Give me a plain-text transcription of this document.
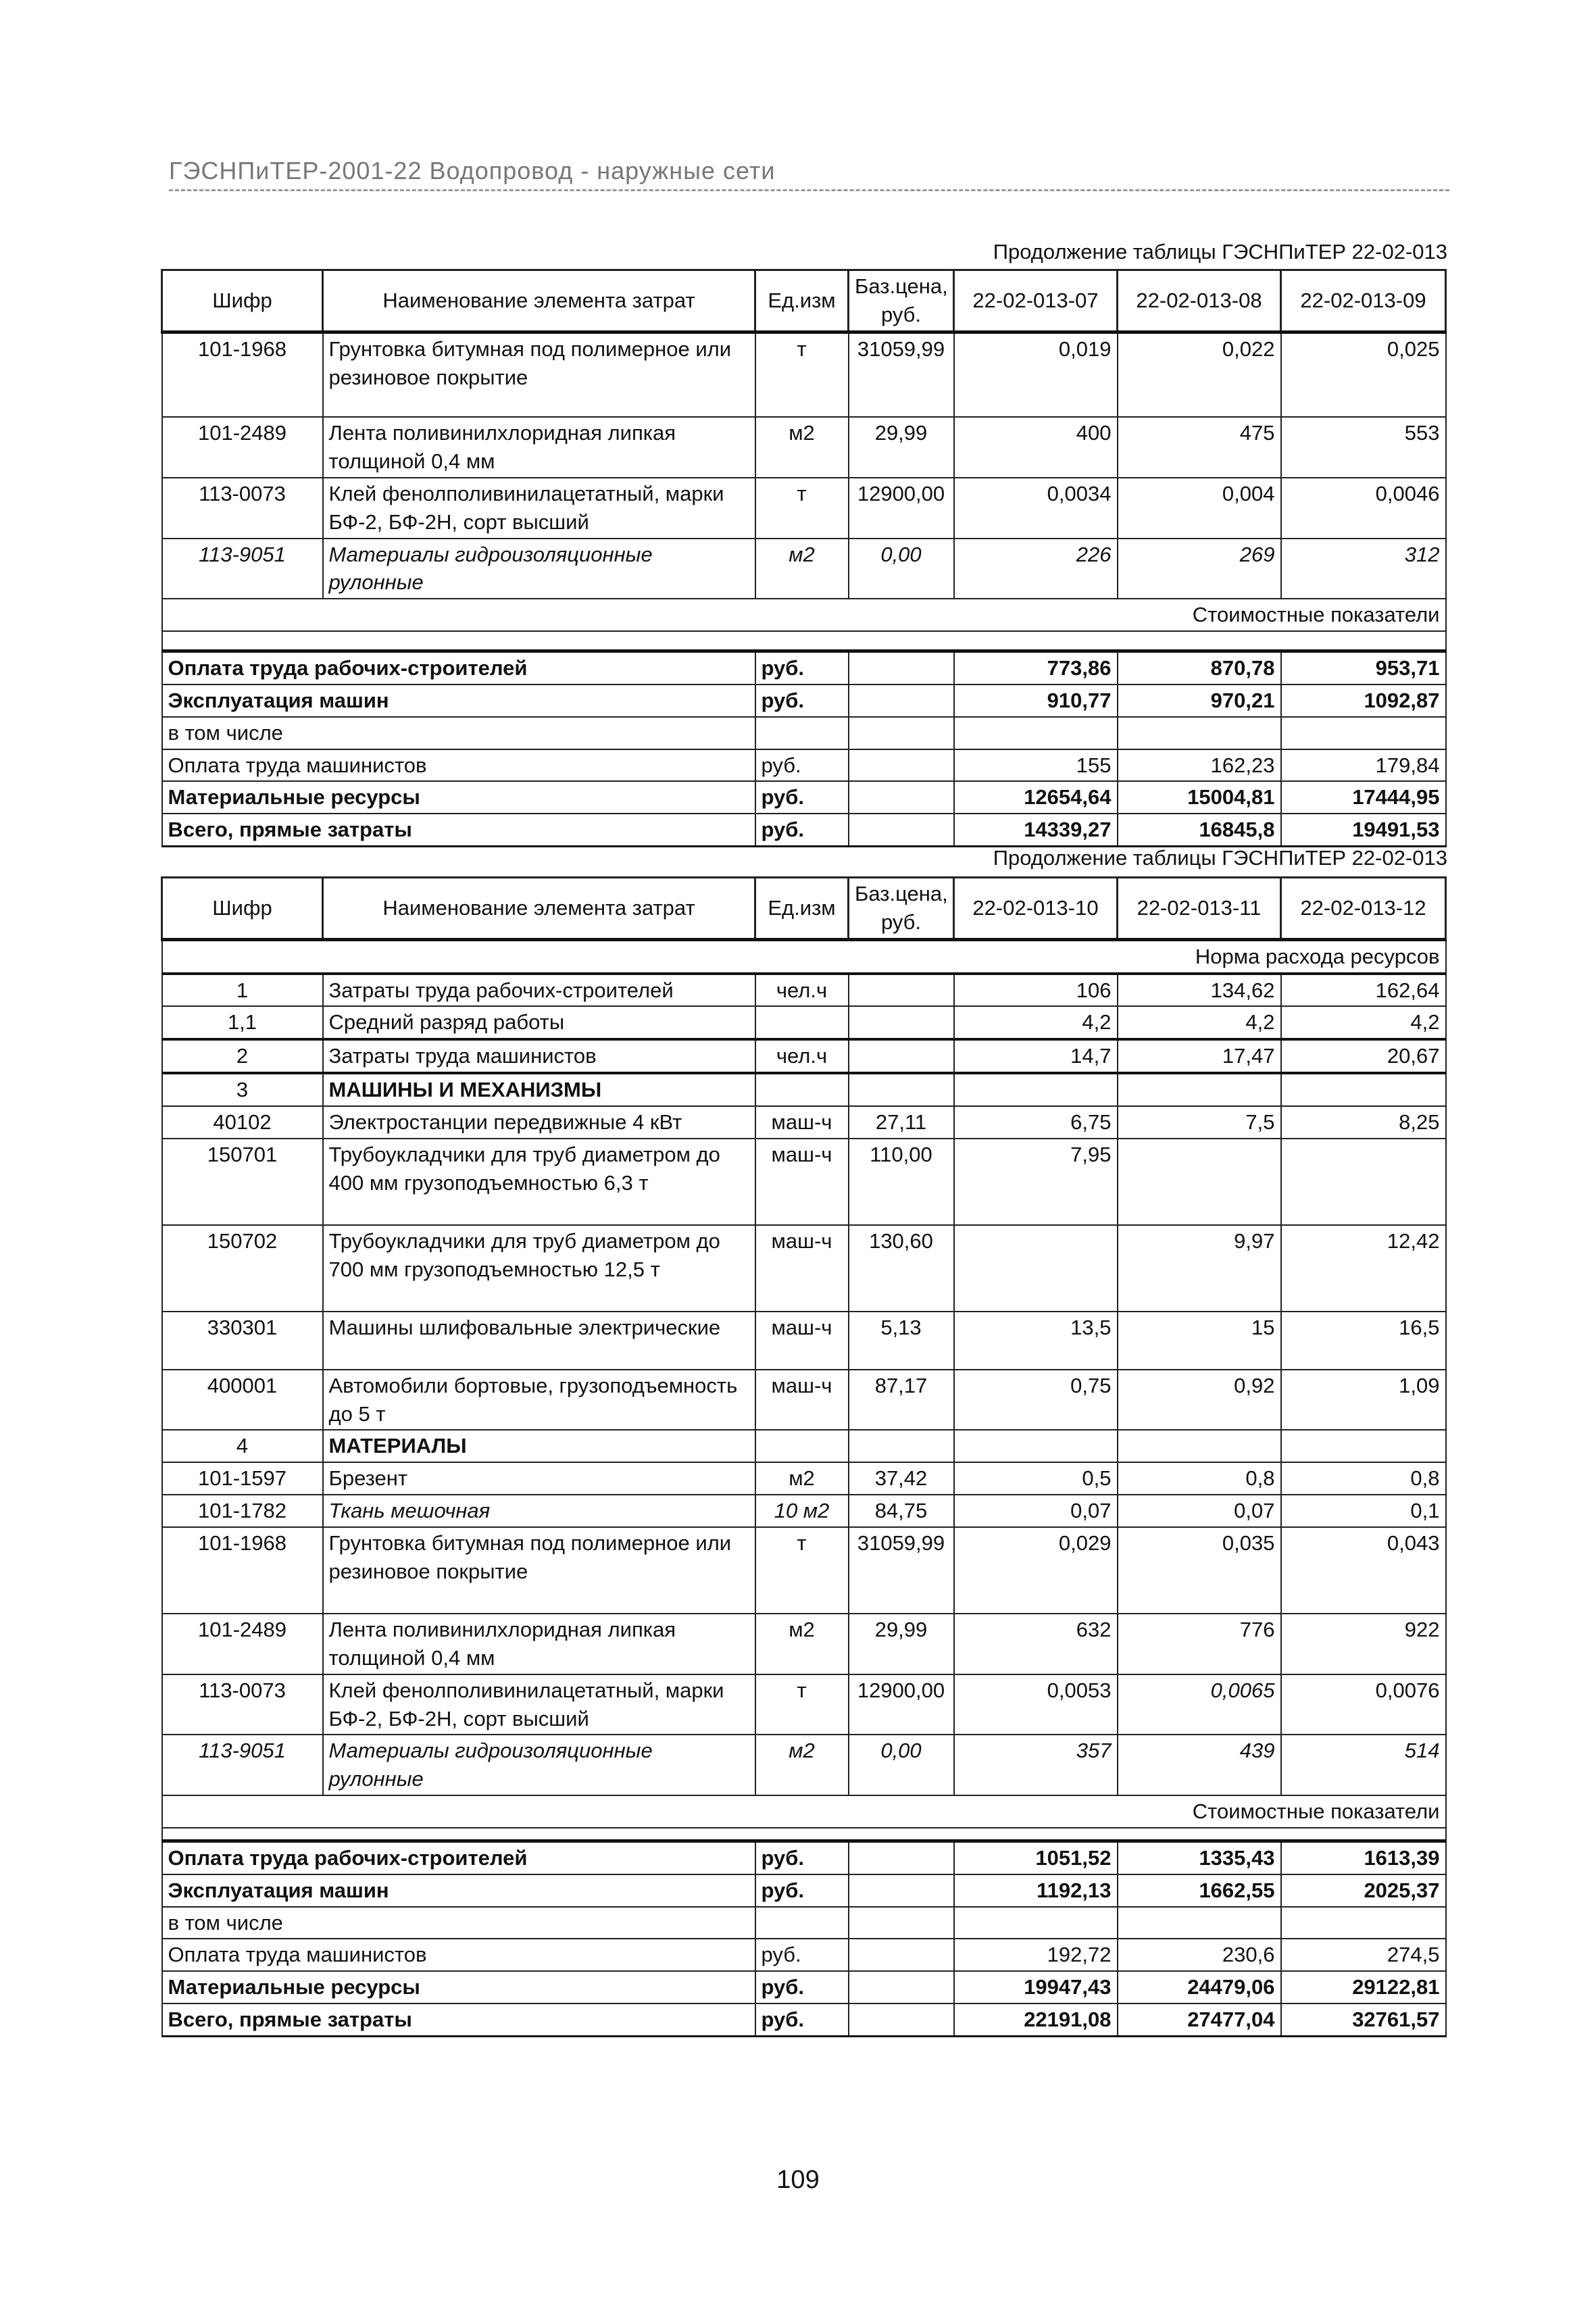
ГЭСНПиТЕР-2001-22 Водопровод - наружные сети
Продолжение таблицы ГЭСНПиТЕР 22-02-013
Шифр	Наименование элемента затрат	Ед.изм	Баз.цена, руб.	22-02-013-07	22-02-013-08	22-02-013-09
101-1968	Грунтовка битумная под полимерное или резиновое покрытие	т	31059,99	0,019	0,022	0,025
101-2489	Лента поливинилхлоридная липкая толщиной 0,4 мм	м2	29,99	400	475	553
113-0073	Клей фенолполивинилацетатный, марки БФ-2, БФ-2Н, сорт высший	т	12900,00	0,0034	0,004	0,0046
113-9051	Материалы гидроизоляционные рулонные	м2	0,00	226	269	312
Стоимостные показатели						

Оплата труда рабочих-строителей		руб.		773,86	870,78	953,71
Эксплуатация машин		руб.		910,77	970,21	1092,87
в том числе						
Оплата труда машинистов		руб.		155	162,23	179,84
Материальные ресурсы		руб.		12654,64	15004,81	17444,95
Всего, прямые затраты		руб.		14339,27	16845,8	19491,53
Продолжение таблицы ГЭСНПиТЕР 22-02-013
Шифр	Наименование элемента затрат	Ед.изм	Баз.цена, руб.	22-02-013-10	22-02-013-11	22-02-013-12
Норма расхода ресурсов						
1	Затраты труда рабочих-строителей	чел.ч		106	134,62	162,64
1,1	Средний разряд работы			4,2	4,2	4,2
2	Затраты труда машинистов	чел.ч		14,7	17,47	20,67
3	МАШИНЫ И МЕХАНИЗМЫ					
40102	Электростанции передвижные 4 кВт	маш-ч	27,11	6,75	7,5	8,25
150701	Трубоукладчики для труб диаметром до 400 мм грузоподъемностью 6,3 т	маш-ч	110,00	7,95		
150702	Трубоукладчики для труб диаметром до 700 мм грузоподъемностью 12,5 т	маш-ч	130,60		9,97	12,42
330301	Машины шлифовальные электрические	маш-ч	5,13	13,5	15	16,5
400001	Автомобили бортовые, грузоподъемность до 5 т	маш-ч	87,17	0,75	0,92	1,09
4	МАТЕРИАЛЫ					
101-1597	Брезент	м2	37,42	0,5	0,8	0,8
101-1782	Ткань мешочная	10 м2	84,75	0,07	0,07	0,1
101-1968	Грунтовка битумная под полимерное или резиновое покрытие	т	31059,99	0,029	0,035	0,043
101-2489	Лента поливинилхлоридная липкая толщиной 0,4 мм	м2	29,99	632	776	922
113-0073	Клей фенолполивинилацетатный, марки БФ-2, БФ-2Н, сорт высший	т	12900,00	0,0053	0,0065	0,0076
113-9051	Материалы гидроизоляционные рулонные	м2	0,00	357	439	514
Стоимостные показатели						

Оплата труда рабочих-строителей		руб.		1051,52	1335,43	1613,39
Эксплуатация машин		руб.		1192,13	1662,55	2025,37
в том числе						
Оплата труда машинистов		руб.		192,72	230,6	274,5
Материальные ресурсы		руб.		19947,43	24479,06	29122,81
Всего, прямые затраты		руб.		22191,08	27477,04	32761,57
109
